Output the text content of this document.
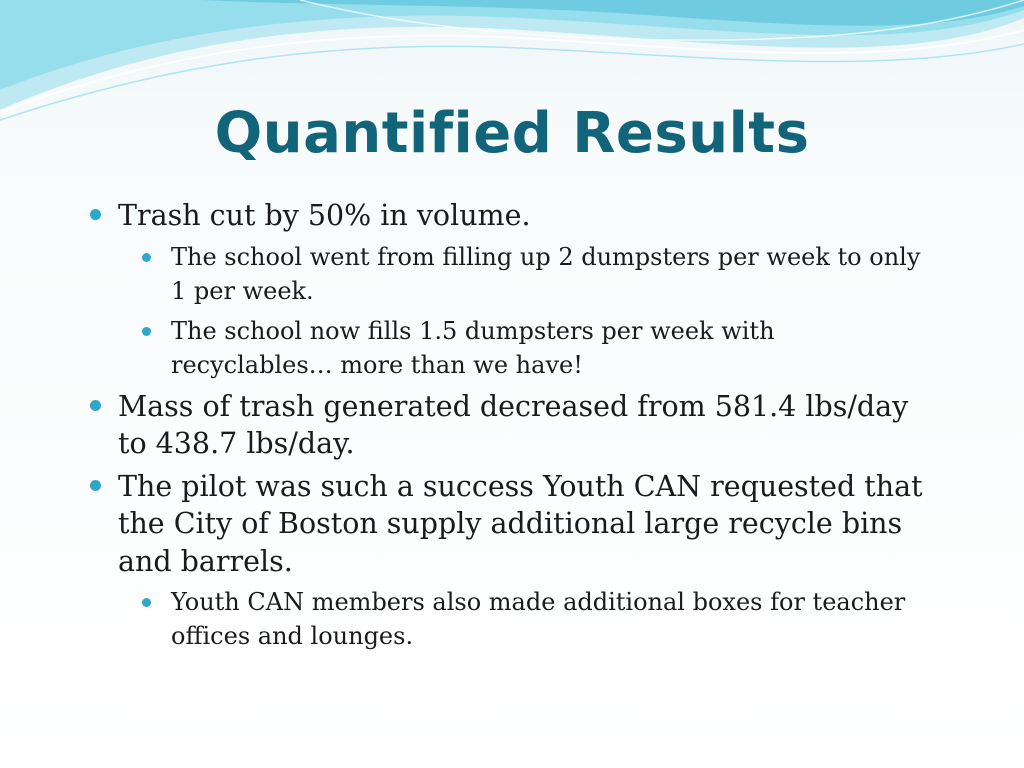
Quantified Results
Trash cut by 50% in volume.
The school went from filling up 2 dumpsters per week to only 1 per week.
The school now fills 1.5 dumpsters per week with recyclables… more than we have!
Mass of trash generated decreased from 581.4 lbs/day to 438.7 lbs/day.
The pilot was such a success Youth CAN requested that the City of Boston supply additional large recycle bins and barrels.
Youth CAN members also made additional boxes for teacher offices and lounges.
